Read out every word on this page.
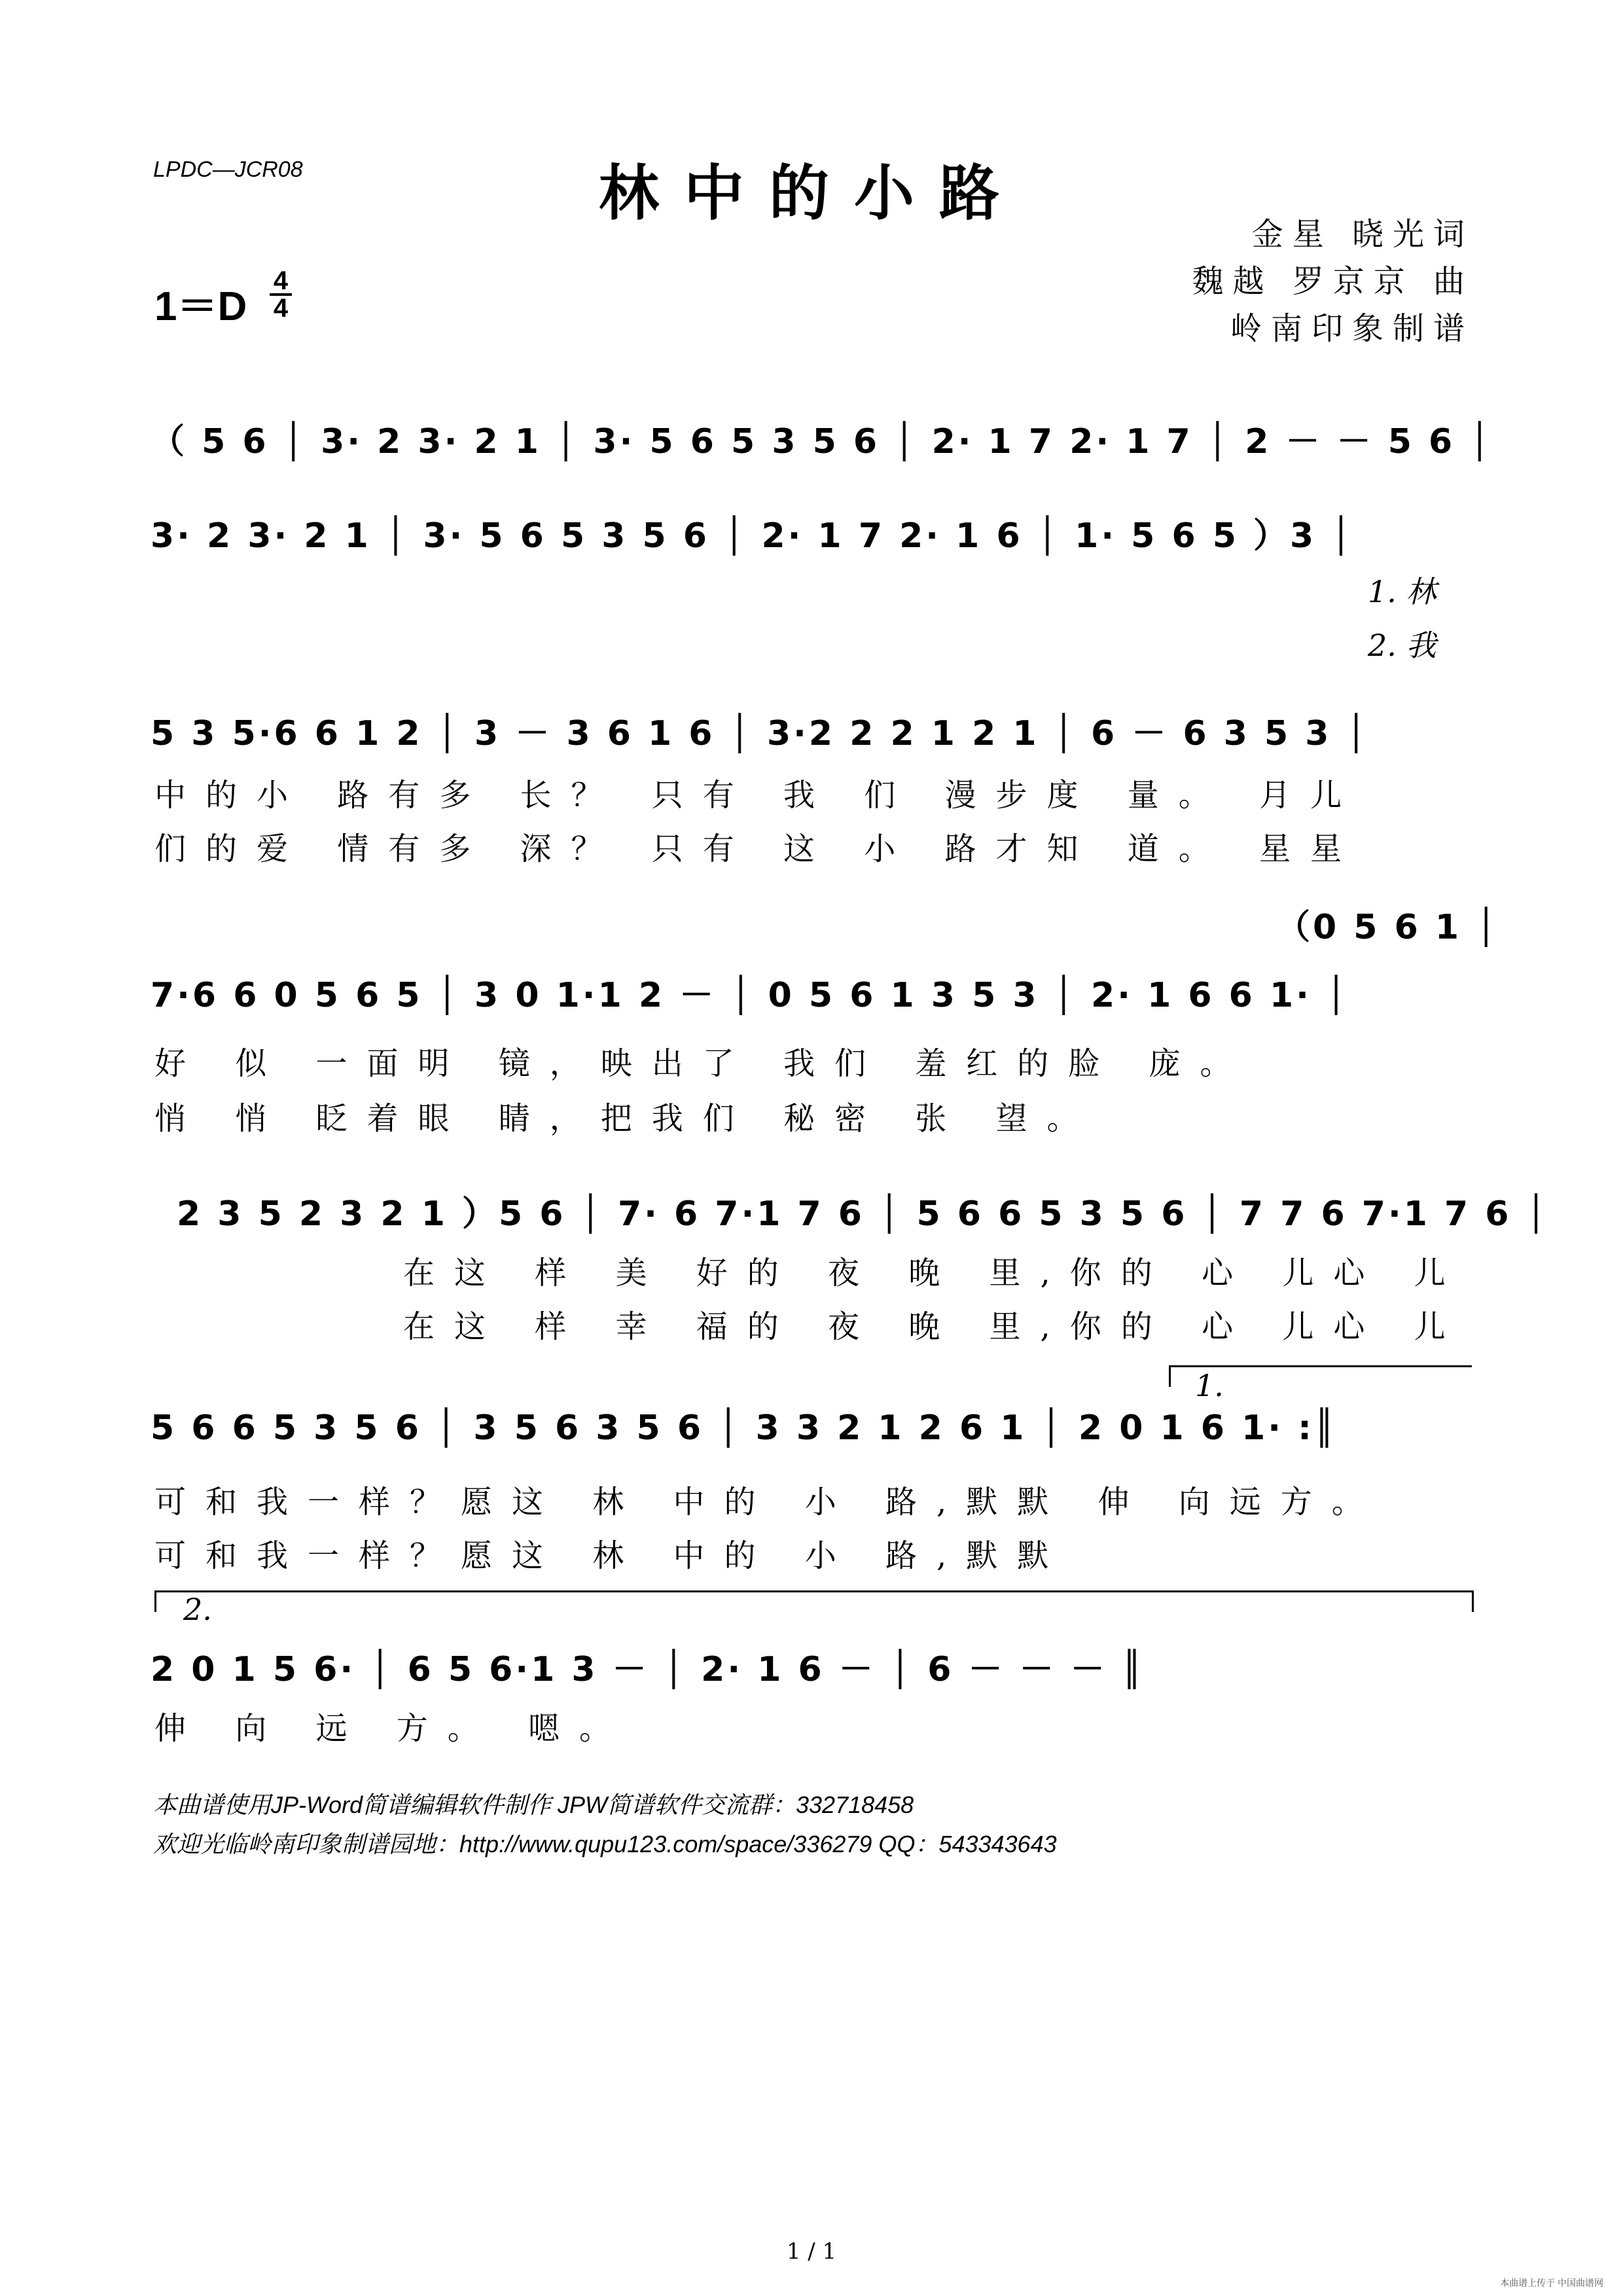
LPDC—JCR08	林中的小路
金星 晓光词
魏越 罗京京 曲
岭南印象制谱
1＝D
4
4
（ 5 6 │ 3· 2 3· 2 1 │ 3· 5 6 5 3 5 6 │ 2· 1 7 2· 1 7 │ 2 － － 5 6 │
3· 2 3· 2 1 │ 3· 5 6 5 3 5 6 │ 2· 1 7 2· 1 6 │ 1· 5 6 5 ）3 │
1. 林
2. 我
5 3 5·6 6 1 2 │ 3 － 3 6 1 6 │ 3·2 2 2 1 2 1 │ 6 － 6 3 5 3 │
中的小 路有多 长？ 只有 我 们 漫步度 量。 月儿
们的爱 情有多 深？ 只有 这 小 路才知 道。 星星
（0 5 6 1 │
7·6 6 0 5 6 5 │ 3 0 1·1 2 － │ 0 5 6 1 3 5 3 │ 2· 1 6 6 1· │
好 似 一面明 镜，映出了 我们 羞红的脸 庞。
悄 悄 眨着眼 睛，把我们 秘密 张 望。
2 3 5 2 3 2 1 ）5 6 │ 7· 6 7·1 7 6 │ 5 6 6 5 3 5 6 │ 7 7 6 7·1 7 6 │
在这 样 美 好的 夜 晚 里,你的 心 儿心 儿
在这 样 幸 福的 夜 晚 里,你的 心 儿心 儿
1.
5 6 6 5 3 5 6 │ 3 5 6 3 5 6 │ 3 3 2 1 2 6 1 │ 2 0 1 6 1· :║
可和我一样？愿这 林 中的 小 路,默默 伸 向远方。
可和我一样？愿这 林 中的 小 路,默默
2.
2 0 1 5 6· │ 6 5 6·1 3 － │ 2· 1 6 － │ 6 － － － ║
伸 向 远 方。 嗯。
本曲谱使用JP-Word简谱编辑软件制作 JPW简谱软件交流群：332718458
欢迎光临岭南印象制谱园地：http://www.qupu123.com/space/336279 QQ：543343643
1 / 1
本曲谱上传于 中国曲谱网
